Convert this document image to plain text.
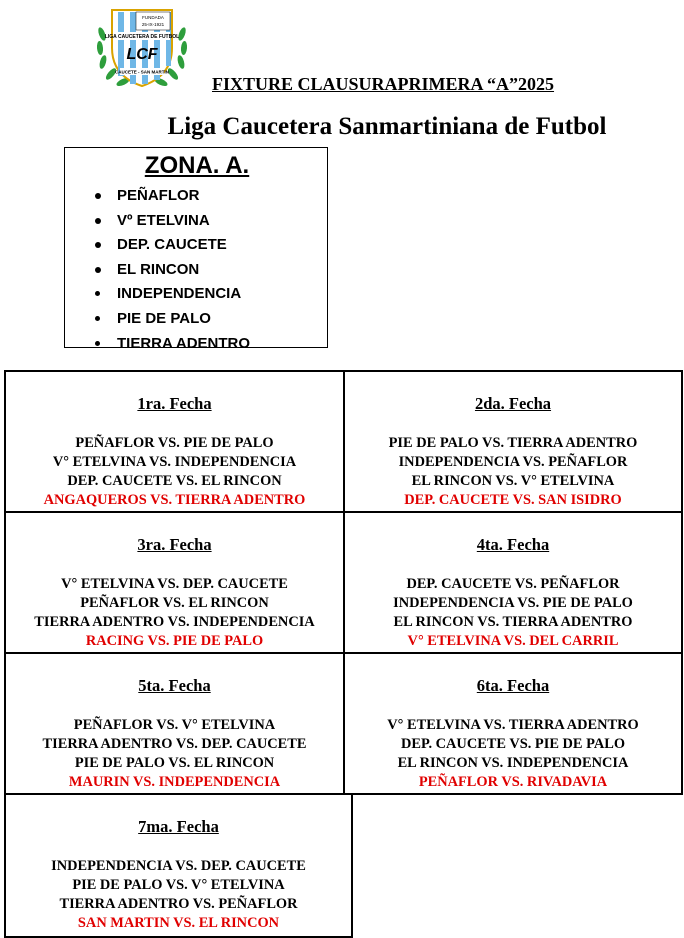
FUNDADA
25-IX-1921
LIGA CAUCETERA DE FUTBOL
LCF
CAUCETE - SAN MARTIN
FIXTURE CLAUSURAPRIMERA “A”2025
Liga Caucetera Sanmartiniana de Futbol
ZONA. A.
PEÑAFLOR
Vº ETELVINA
DEP. CAUCETE
EL RINCON
INDEPENDENCIA
PIE DE PALO
TIERRA ADENTRO
1ra. Fecha
PEÑAFLOR VS. PIE DE PALO
V° ETELVINA VS. INDEPENDENCIA
DEP. CAUCETE VS. EL RINCON
ANGAQUEROS VS. TIERRA ADENTRO
2da. Fecha
PIE DE PALO VS. TIERRA ADENTRO
INDEPENDENCIA VS. PEÑAFLOR
EL RINCON VS. V° ETELVINA
DEP. CAUCETE VS. SAN ISIDRO
3ra. Fecha
V° ETELVINA VS. DEP. CAUCETE
PEÑAFLOR VS. EL RINCON
TIERRA ADENTRO VS. INDEPENDENCIA
RACING VS. PIE DE PALO
4ta. Fecha
DEP. CAUCETE VS. PEÑAFLOR
INDEPENDENCIA VS. PIE DE PALO
EL RINCON VS. TIERRA ADENTRO
V° ETELVINA VS. DEL CARRIL
5ta. Fecha
PEÑAFLOR VS. V° ETELVINA
TIERRA ADENTRO VS. DEP. CAUCETE
PIE DE PALO VS. EL RINCON
MAURIN VS. INDEPENDENCIA
6ta. Fecha
V° ETELVINA VS. TIERRA ADENTRO
DEP. CAUCETE VS. PIE DE PALO
EL RINCON VS. INDEPENDENCIA
PEÑAFLOR VS. RIVADAVIA
7ma. Fecha
INDEPENDENCIA VS. DEP. CAUCETE
PIE DE PALO VS. V° ETELVINA
TIERRA ADENTRO VS. PEÑAFLOR
SAN MARTIN VS. EL RINCON
